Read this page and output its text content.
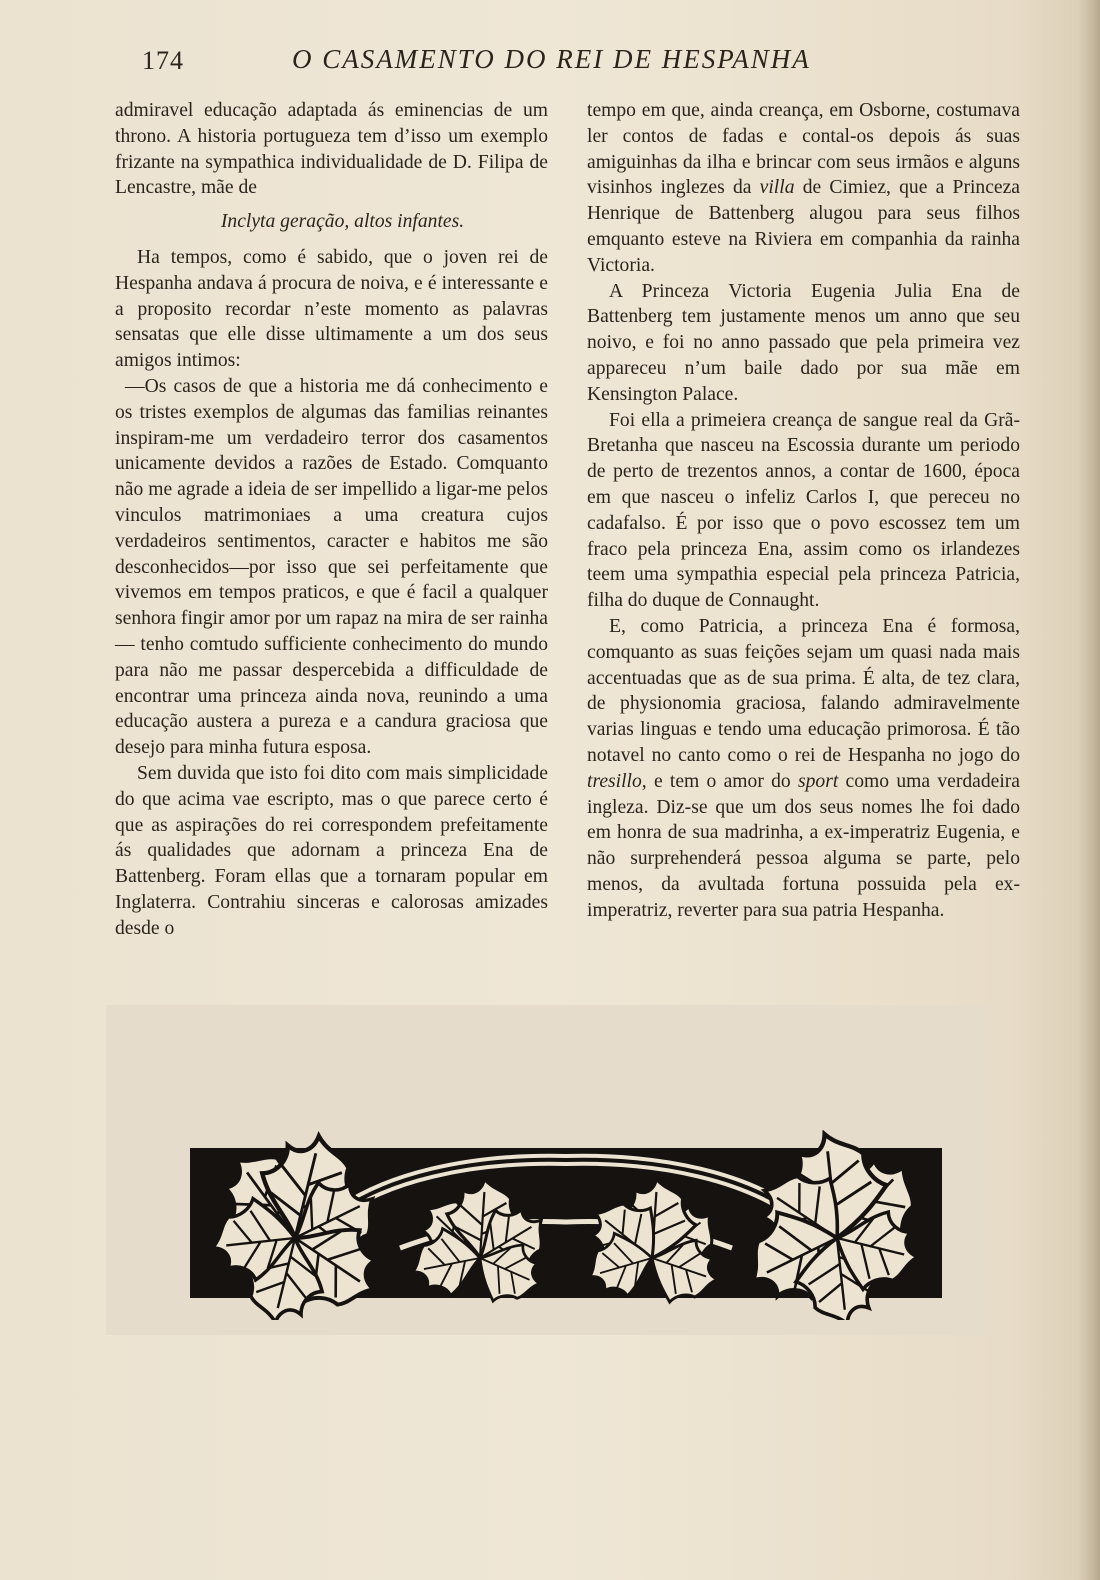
174	O CASAMENTO DO REI DE HESPANHA

admiravel educação adaptada ás eminencias de um throno. A historia portugueza tem d’isso um exemplo frizante na sympathica individualidade de D. Filipa de Lencastre, mãe de

Inclyta geração, altos infantes.

Ha tempos, como é sabido, que o joven rei de Hespanha andava á procura de noiva, e é interessante e a proposito recordar n’este momento as palavras sensatas que elle disse ultimamente a um dos seus amigos intimos:

—Os casos de que a historia me dá conhecimento e os tristes exemplos de algumas das familias reinantes inspiram-me um verdadeiro terror dos casamentos unicamente devidos a razões de Estado. Comquanto não me agrade a ideia de ser impellido a ligar-me pelos vinculos matrimoniaes a uma creatura cujos verdadeiros sentimentos, caracter e habitos me são desconhecidos—por isso que sei perfeitamente que vivemos em tempos praticos, e que é facil a qualquer senhora fingir amor por um rapaz na mira de ser rainha — tenho comtudo sufficiente conhecimento do mundo para não me passar despercebida a difficuldade de encontrar uma princeza ainda nova, reunindo a uma educação austera a pureza e a candura graciosa que desejo para minha futura esposa.

Sem duvida que isto foi dito com mais simplicidade do que acima vae escripto, mas o que parece certo é que as aspirações do rei correspondem prefeitamente ás qualidades que adornam a princeza Ena de Battenberg. Foram ellas que a tornaram popular em Inglaterra. Contrahiu sinceras e calorosas amizades desde o

tempo em que, ainda creança, em Osborne, costumava ler contos de fadas e contal-os depois ás suas amiguinhas da ilha e brincar com seus irmãos e alguns visinhos inglezes da villa de Cimiez, que a Princeza Henrique de Battenberg alugou para seus filhos emquanto esteve na Riviera em companhia da rainha Victoria.

A Princeza Victoria Eugenia Julia Ena de Battenberg tem justamente menos um anno que seu noivo, e foi no anno passado que pela primeira vez appareceu n’um baile dado por sua mãe em Kensington Palace.

Foi ella a primeiera creança de sangue real da Grã-Bretanha que nasceu na Escossia durante um periodo de perto de trezentos annos, a contar de 1600, época em que nasceu o infeliz Carlos I, que pereceu no cadafalso. É por isso que o povo escossez tem um fraco pela princeza Ena, assim como os irlandezes teem uma sympathia especial pela princeza Patricia, filha do duque de Connaught.

E, como Patricia, a princeza Ena é formosa, comquanto as suas feições sejam um quasi nada mais accentuadas que as de sua prima. É alta, de tez clara, de physionomia graciosa, falando admiravelmente varias linguas e tendo uma educação primorosa. É tão notavel no canto como o rei de Hespanha no jogo do tresillo, e tem o amor do sport como uma verdadeira ingleza. Diz-se que um dos seus nomes lhe foi dado em honra de sua madrinha, a ex-imperatriz Eugenia, e não surprehenderá pessoa alguma se parte, pelo menos, da avultada fortuna possuida pela ex-imperatriz, reverter para sua patria Hespanha.
